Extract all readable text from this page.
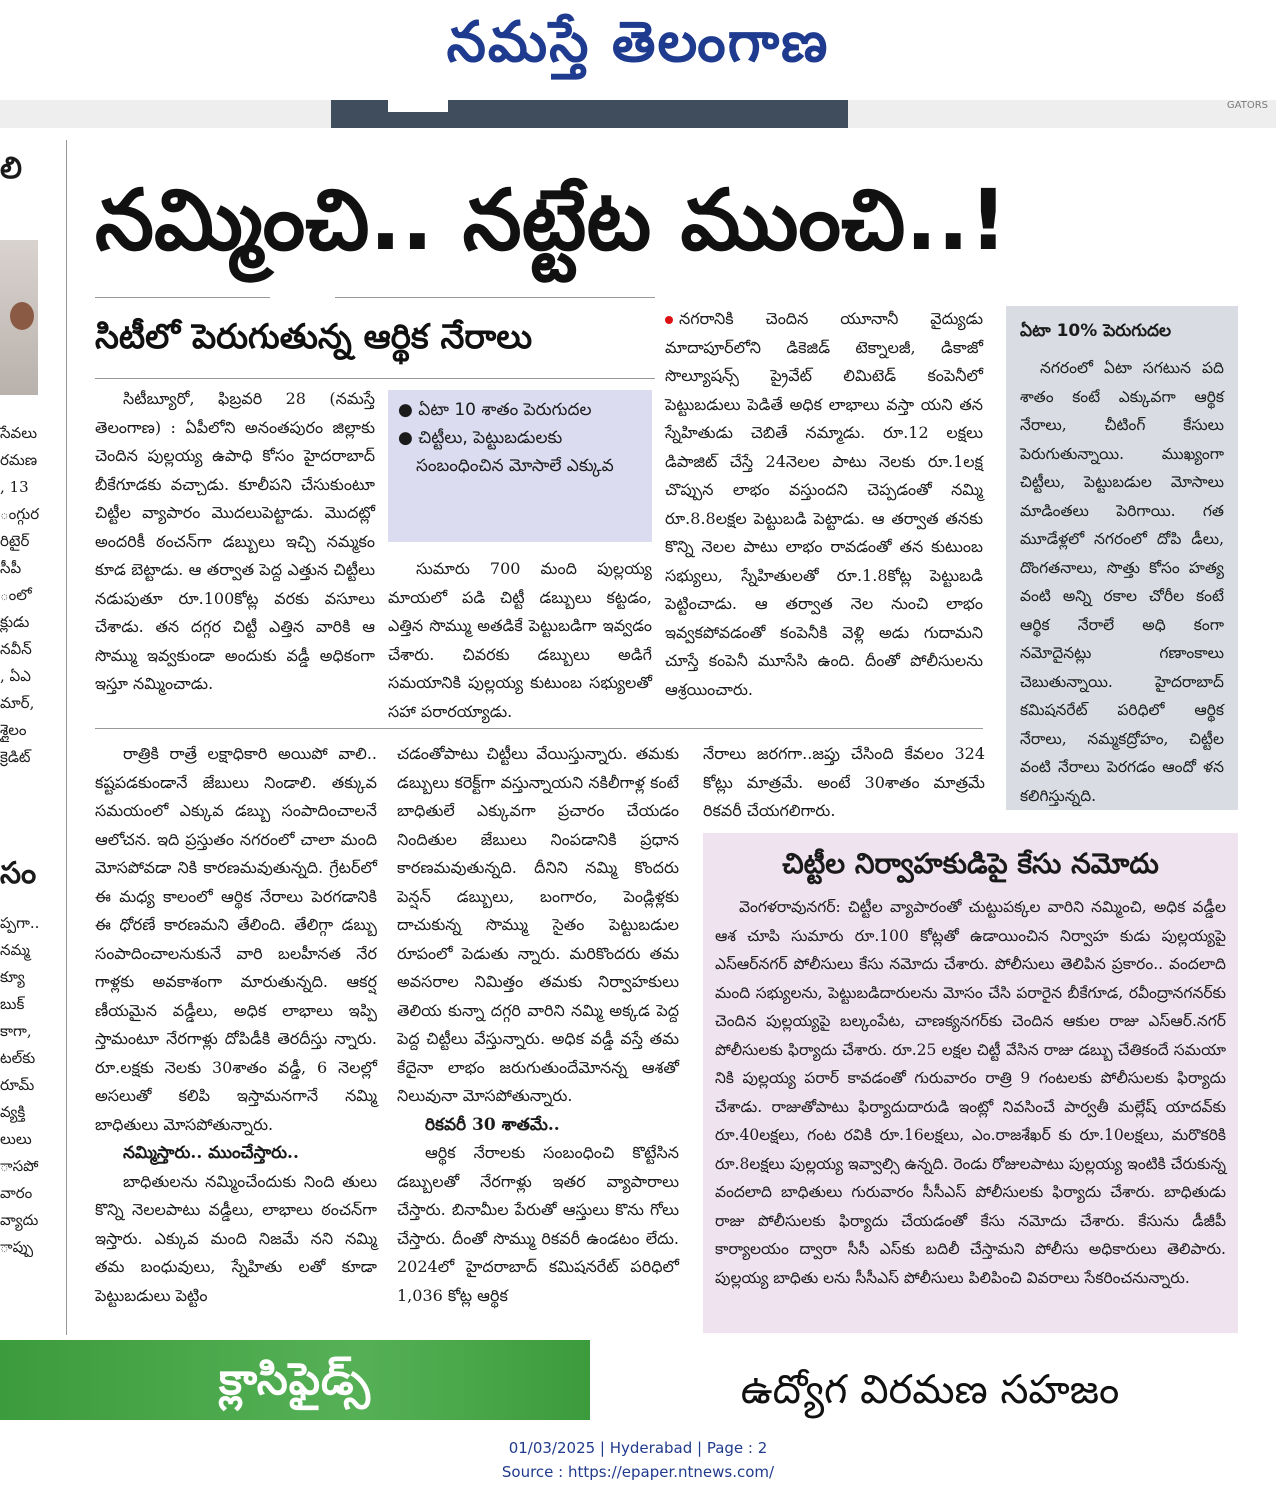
నమస్తే తెలంగాణ
GATORS

లి

సేవలు

రమణ

, 13

ంగ్గుర

రిటైర్

సీపీ

ంలో

క్లుడు

నవీన్

, ఏఎ

మార్,

శ్లైలం

క్రెడిట్

సం

ప్పగా..

నమ్మ

క్యూ

బుక్

కాగా,

టల్‌కు

రూమ్

వ్యక్తి

లులు

ాసపో

వారం

వ్యాదు

ాప్పు

నమ్మించి.. నట్టేట ముంచి..!
సిటీలో పెరుగుతున్న ఆర్థిక నేరాలు

సిటీబ్యూరో, ఫిబ్రవరి 28 (నమస్తే తెలంగాణ) : ఏపీలోని అనంతపురం జిల్లాకు చెందిన పుల్లయ్య ఉపాధి కోసం హైదరాబాద్ బీకేగూడకు వచ్చాడు. కూలీపని చేసుకుంటూ చిట్టీల వ్యాపారం మొదలుపెట్టాడు. మొదట్లో అందరికీ ఠంచన్‌గా డబ్బులు ఇచ్చి నమ్మకం కూడ బెట్టాడు. ఆ తర్వాత పెద్ద ఎత్తున చిట్టీలు నడుపుతూ రూ.100కోట్ల వరకు వసూలు చేశాడు. తన దగ్గర చిట్టీ ఎత్తిన వారికి ఆ సొమ్ము ఇవ్వకుండా అందుకు వడ్డీ అధికంగా ఇస్తూ నమ్మించాడు.

● ఏటా 10 శాతం పెరుగుదల

● చిట్టీలు, పెట్టుబడులకు సంబంధించిన మోసాలే ఎక్కువ

సుమారు 700 మంది పుల్లయ్య మాయలో పడి చిట్టీ డబ్బులు కట్టడం, ఎత్తిన సొమ్ము అతడికే పెట్టుబడిగా ఇవ్వడం చేశారు. చివరకు డబ్బులు అడిగే సమయానికి పుల్లయ్య కుటుంబ సభ్యులతో సహా పరారయ్యాడు.

నగరానికి చెందిన యూనానీ వైద్యుడు మాదాపూర్‌లోని డికెజిడ్ టెక్నాలజీ, డికాజో సొల్యూషన్స్ ప్రైవేట్ లిమిటెడ్ కంపెనీలో పెట్టుబడులు పెడితే అధిక లాభాలు వస్తా యని తన స్నేహితుడు చెబితే నమ్మాడు. రూ.12 లక్షలు డిపాజిట్ చేస్తే 24నెలల పాటు నెలకు రూ.1లక్ష చొప్పున లాభం వస్తుందని చెప్పడంతో నమ్మి రూ.8.8లక్షల పెట్టుబడి పెట్టాడు. ఆ తర్వాత తనకు కొన్ని నెలల పాటు లాభం రావడంతో తన కుటుంబ సభ్యులు, స్నేహితులతో రూ.1.8కోట్ల పెట్టుబడి పెట్టించాడు. ఆ తర్వాత నెల నుంచి లాభం ఇవ్వకపోవడంతో కంపెనీకి వెళ్లి అడు గుదామని చూస్తే కంపెనీ మూసేసి ఉంది. దీంతో పోలీసులను ఆశ్రయించారు.

ఏటా 10% పెరుగుదల

నగరంలో ఏటా సగటున పది శాతం కంటే ఎక్కువగా ఆర్థిక నేరాలు, చీటింగ్ కేసులు పెరుగుతున్నాయి. ముఖ్యంగా చిట్టీలు, పెట్టుబడుల మోసాలు మాడింతలు పెరిగాయి. గత మూడేళ్లలో నగరంలో దోపి డీలు, దొంగతనాలు, సొత్తు కోసం హత్య వంటి అన్ని రకాల చోరీల కంటే ఆర్థిక నేరాలే అధి కంగా నమోదైనట్లు గణాంకాలు చెబుతున్నాయి. హైదరాబాద్ కమిషనరేట్ పరిధిలో ఆర్థిక నేరాలు, నమ్మకద్రోహం, చిట్టీల వంటి నేరాలు పెరగడం ఆందో ళన కలిగిస్తున్నది.

రాత్రికి రాత్రే లక్షాధికారి అయిపో వాలి.. కష్టపడకుండానే జేబులు నిండాలి. తక్కువ సమయంలో ఎక్కువ డబ్బు సంపాదించాలనే ఆలోచన. ఇది ప్రస్తుతం నగరంలో చాలా మంది మోసపోవడా నికి కారణమవుతున్నది. గ్రేటర్‌లో ఈ మధ్య కాలంలో ఆర్థిక నేరాలు పెరగడానికి ఈ ధోరణే కారణమని తేలింది. తేలిగ్గా డబ్బు సంపాదించాలనుకునే వారి బలహీనత నేర గాళ్లకు అవకాశంగా మారుతున్నది. ఆకర్ష ణీయమైన వడ్డీలు, అధిక లాభాలు ఇప్పి స్తామంటూ నేరగాళ్లు దోపిడీకి తెరదీస్తు న్నారు. రూ.లక్షకు నెలకు 30శాతం వడ్డీ, 6 నెలల్లో అసలుతో కలిపి ఇస్తామనగానే నమ్మి బాధితులు మోసపోతున్నారు.

నమ్మిస్తారు.. ముంచేస్తారు..

బాధితులను నమ్మించేందుకు నింది తులు కొన్ని నెలలపాటు వడ్డీలు, లాభాలు ఠంచన్‌గా ఇస్తారు. ఎక్కువ మంది నిజమే నని నమ్మి తమ బంధువులు, స్నేహితు లతో కూడా పెట్టుబడులు పెట్టిం

చడంతోపాటు చిట్టీలు వేయిస్తున్నారు. తమకు డబ్బులు కరెక్ట్‌గా వస్తున్నాయని నకిలీగాళ్ల కంటే బాధితులే ఎక్కువగా ప్రచారం చేయడం నిందితుల జేబులు నింపడానికి ప్రధాన కారణమవుతున్నది. దీనిని నమ్మి కొందరు పెన్షన్ డబ్బులు, బంగారం, పెండ్లిళ్లకు దాచుకున్న సొమ్ము సైతం పెట్టుబడుల రూపంలో పెడుతు న్నారు. మరికొందరు తమ అవసరాల నిమిత్తం తమకు నిర్వాహకులు తెలియ కున్నా దగ్గరి వారిని నమ్మి అక్కడ పెద్ద పెద్ద చిట్టీలు వేస్తున్నారు. అధిక వడ్డీ వస్తే తమ కేదైనా లాభం జరుగుతుందేమోనన్న ఆశతో నిలువునా మోసపోతున్నారు.

రికవరీ 30 శాతమే..

ఆర్థిక నేరాలకు సంబంధించి కొట్టేసిన డబ్బులతో నేరగాళ్లు ఇతర వ్యాపారాలు చేస్తారు. బినామీల పేరుతో ఆస్తులు కొను గోలు చేస్తారు. దీంతో సొమ్ము రికవరీ ఉండటం లేదు. 2024లో హైదరాబాద్ కమిషనరేట్ పరిధిలో 1,036 కోట్ల ఆర్థిక

నేరాలు జరగగా..జప్తు చేసింది కేవలం 324 కోట్లు మాత్రమే. అంటే 30శాతం మాత్రమే రికవరీ చేయగలిగారు.

చిట్టీల నిర్వాహకుడిపై కేసు నమోదు

వెంగళరావునగర్: చిట్టీల వ్యాపారంతో చుట్టుపక్కల వారిని నమ్మించి, అధిక వడ్డీల ఆశ చూపి సుమారు రూ.100 కోట్లతో ఉడాయించిన నిర్వాహ కుడు పుల్లయ్యపై ఎస్‌ఆర్‌నగర్ పోలీసులు కేసు నమోదు చేశారు. పోలీసులు తెలిపిన ప్రకారం.. వందలాది మంది సభ్యులను, పెట్టుబడిదారులను మోసం చేసి పరారైన బీకేగూడ, రవీంద్రానగనర్‌కు చెందిన పుల్లయ్యపై బల్కంపేట, చాణక్యనగర్‌కు చెందిన ఆకుల రాజు ఎస్‌ఆర్.నగర్ పోలీసులకు ఫిర్యాదు చేశారు. రూ.25 లక్షల చిట్టీ వేసిన రాజు డబ్బు చేతికందే సమయా నికి పుల్లయ్య పరార్ కావడంతో గురువారం రాత్రి 9 గంటలకు పోలీసులకు ఫిర్యాదు చేశాడు. రాజుతోపాటు ఫిర్యాదుదారుడి ఇంట్లో నివసించే పార్వతీ మల్లేష్ యాదవ్‌కు రూ.40లక్షలు, గంట రవికి రూ.16లక్షలు, ఎం.రాజశేఖర్ కు రూ.10లక్షలు, మరొకరికి రూ.8లక్షలు పుల్లయ్య ఇవ్వాల్సి ఉన్నది. రెండు రోజులపాటు పుల్లయ్య ఇంటికి చేరుకున్న వందలాది బాధితులు గురువారం సీసీఎస్ పోలీసులకు ఫిర్యాదు చేశారు. బాధితుడు రాజు పోలీసులకు ఫిర్యాదు చేయడంతో కేసు నమోదు చేశారు. కేసును డీజీపీ కార్యాలయం ద్వారా సీసీ ఎస్‌కు బదిలీ చేస్తామని పోలీసు అధికారులు తెలిపారు. పుల్లయ్య బాధితు లను సీసీఎస్ పోలీసులు పిలిపించి వివరాలు సేకరించనున్నారు.

క్లాసిఫైడ్స్	ఉద్యోగ విరమణ సహజం

01/03/2025 | Hyderabad | Page : 2

Source : https://epaper.ntnews.com/
